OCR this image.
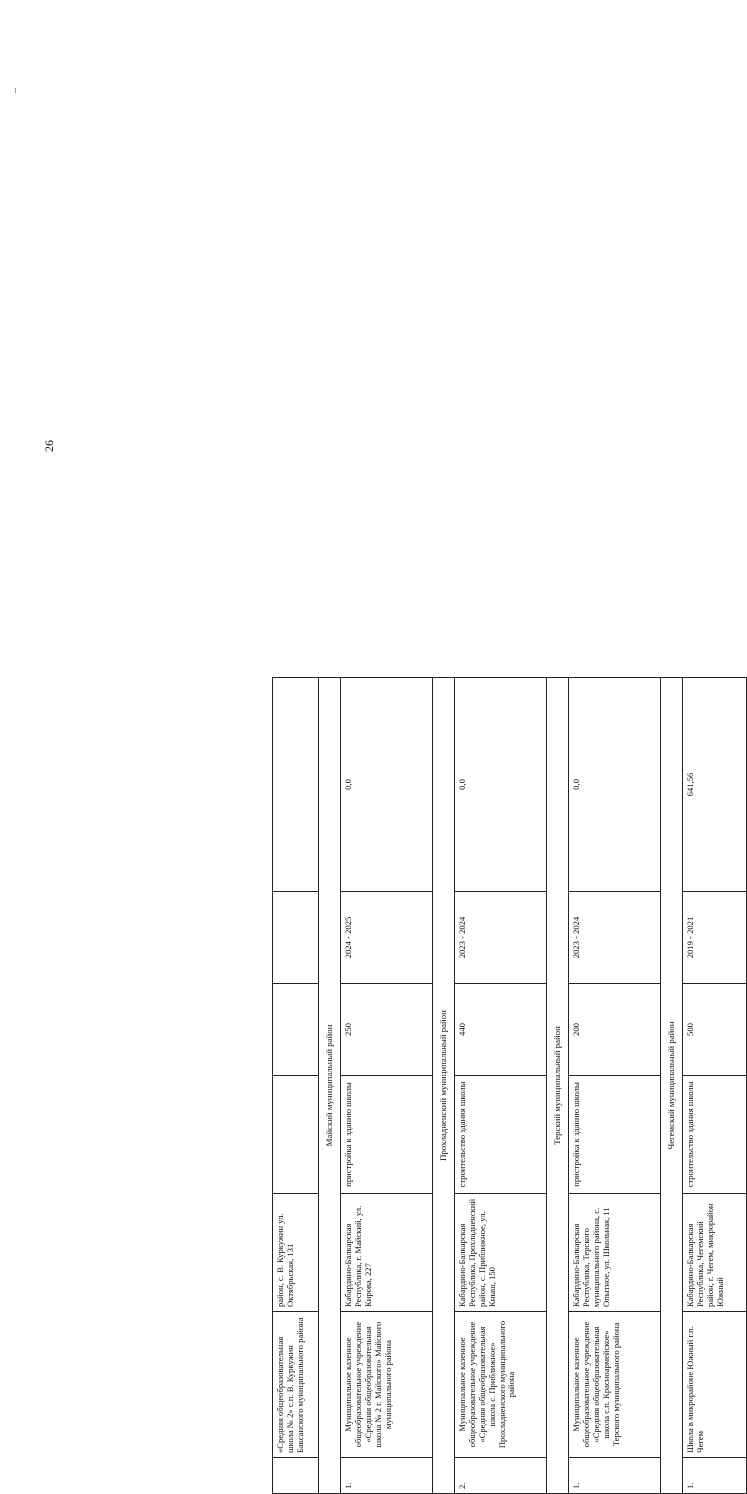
26
	«Средняя общеобразовательная школа № 2» с.п. В. Куркужин Баксанского муниципального района	район, с. В. Куркужин ул. Октябрьская, 131				
Майский муниципальный район						
1.	Муниципальное казенное общеобразовательное учреждение «Средняя общеобразовательная школа № 2 г. Майского» Майского муниципального района	Кабардино-Балкарская Республика, г. Майский, ул. Кирова, 227	пристройка к зданию школы	250	2024 - 2025	0,0
Прохладненский муниципальный район						
2.	Муниципальное казенное общеобразовательное учреждение «Средняя общеобразовательная школа с. Приближное» Прохладненского муниципального района	Кабардино-Балкарская Республика, Прохладненский район, с. Приближное, ул. Кныш, 150	строительство здания школы	440	2023 - 2024	0,0
Терский муниципальный район						
1.	Муниципальное казенное общеобразовательное учреждение «Средняя общеобразовательная школа с.п. Красноармейское» Терского муниципального района	Кабардино-Балкарская Республика, Терского муниципального района, с. Опытное, ул. Школьная, 11	пристройка к зданию школы	200	2023 - 2024	0,0
Чегемский муниципальный район						
1.	Школа в микрорайоне Южный г.п. Чегем	Кабардино-Балкарская Республика, Чегемский район, г. Чегем, микрорайон Южный	строительство здания школы	500	2019 - 2021	641,56
